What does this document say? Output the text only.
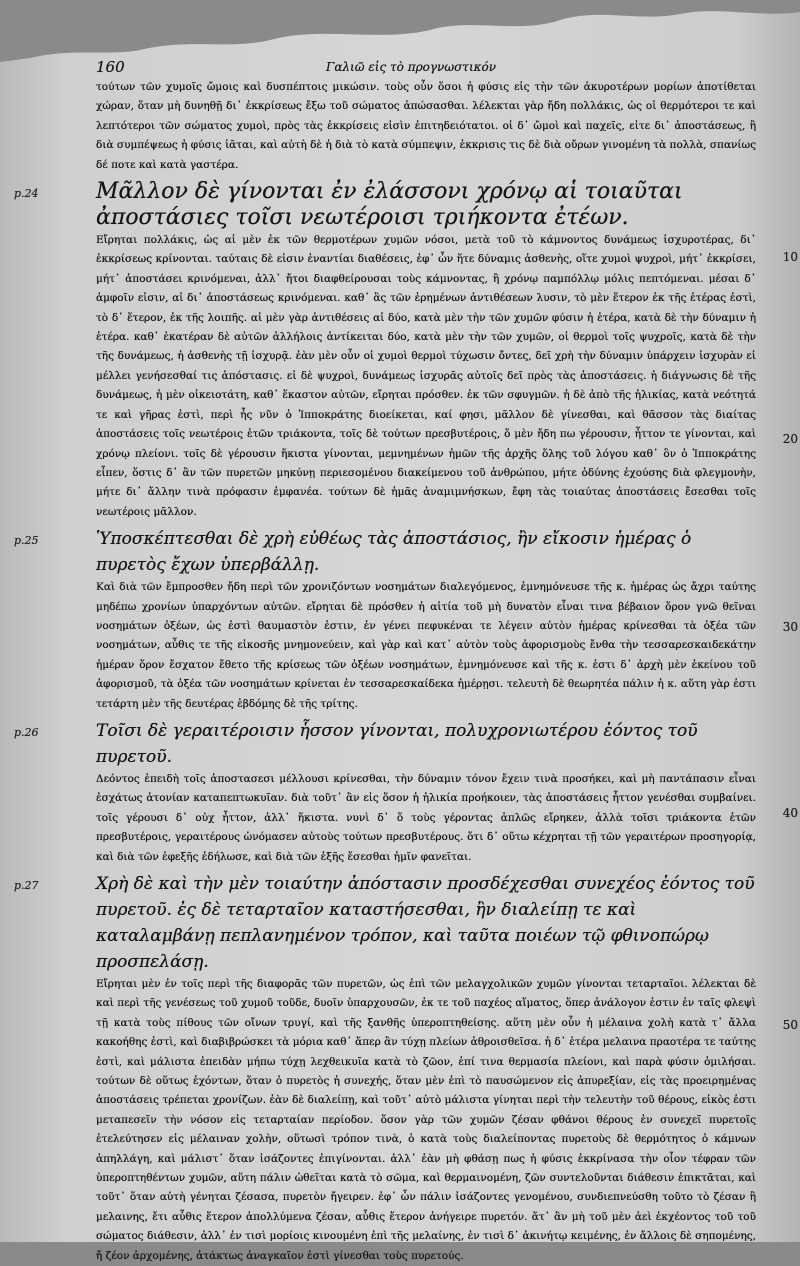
160	Γαλιῶ εἰς τὸ προγνωστικόν

τούτων τῶν χυμοῖς ὤμοις καὶ δυσπέπτοις μικώσιν. τοὺς οὖν ὅσοι ἡ φύσις εἰς τὴν τῶν ἀκυροτέρων μορίων ἀποτίθεται χώραν, ὅταν μὴ δυνηθῇ δι᾽ ἐκκρίσεως ἔξω τοῦ σώματος ἀπώσασθαι. λέλεκται γὰρ ἤδη πολλάκις, ὡς οἱ θερμότεροι τε καὶ λεπτότεροι τῶν σώματος χυμοὶ, πρὸς τὰς ἐκκρίσεις εἰσὶν ἐπιτηδειότατοι. οἱ δ᾽ ὤμοὶ καὶ παχεῖς, εἰτε δι᾽ ἀποστάσεως, ἢ διὰ συμπέψεως ἡ φύσις ἰᾶται, καὶ αὐτὴ δὲ ἡ διὰ τὸ κατὰ σύμπεψιν, ἐκκρισις τις δὲ διὰ οὔρων γινομένη τὰ πολλὰ, σπανίως δέ ποτε καὶ κατὰ γαστέρα.

p.24	Μᾶλλον δὲ γίνονται ἐν ἐλάσσονι χρόνῳ αἱ τοιαῦται ἀποστάσιες τοῖσι νεωτέροισι τριήκοντα ἐτέων.

Εἴρηται πολλάκις, ὡς αἱ μὲν ἐκ τῶν θερμοτέρων χυμῶν νόσοι, μετὰ τοῦ τὸ κάμνοντος δυνάμεως ἰσχυροτέρας, δι᾽ ἐκκρίσεως κρίνονται. ταύταις δὲ εἰσιν ἐναντίαι διαθέσεις, ἐφ᾽ ὧν ἥτε δύναμις ἀσθενὴς, οἵτε χυμοὶ ψυχροὶ, μήτ᾽ ἐκκρίσει, μήτ᾽ ἀποστάσει κρινόμεναι, ἀλλ᾽ ἤτοι διαφθείρουσαι τοὺς κάμνοντας, ἢ χρόνῳ παμπόλλῳ μόλις πεπτόμεναι. μέσαι δ᾽ ἀμφοῖν εἰσιν, αἱ δι᾽ ἀποστάσεως κρινόμεναι. καθ᾽ ἃς τῶν ἐρημένων ἀντιθέσεων λυσιν, τὸ μὲν ἕτερον ἐκ τῆς ἑτέρας ἐστὶ, τὸ δ᾽ ἕτερον, ἐκ τῆς λοιπῆς. αἱ μὲν γὰρ ἀντιθέσεις αἱ δύο, κατὰ μὲν τὴν τῶν χυμῶν φύσιν ἡ ἑτέρα, κατὰ δὲ τὴν δύναμιν ἡ ἑτέρα. καθ᾽ ἑκατέραν δὲ αὐτῶν ἀλλήλοις ἀντίκειται δύο, κατὰ μὲν τὴν τῶν χυμῶν, οἱ θερμοὶ τοῖς ψυχροῖς, κατὰ δὲ τὴν τῆς δυνάμεως, ἡ ἀσθενὴς τῇ ἰσχυρᾷ. ἐὰν μὲν οὖν οἱ χυμοὶ θερμοὶ τύχωσιν ὄντες, δεῖ χρὴ τὴν δύναμιν ὑπάρχειν ἰσχυρὰν εἰ μέλλει γενήσεσθαί τις ἀπόστασις. εἰ δὲ ψυχροὶ, δυνάμεως ἰσχυρᾶς αὐτοῖς δεῖ πρὸς τὰς ἀποστάσεις. ἡ διάγνωσις δὲ τῆς δυνάμεως, ἡ μὲν οἰκειοτάτη, καθ᾽ ἕκαστον αὐτῶν, εἴρηται πρόσθεν. ἐκ τῶν σφυγμῶν. ἡ δὲ ἀπὸ τῆς ἡλικίας, κατὰ νεότητά τε καὶ γῆρας ἐστὶ, περὶ ἧς νῦν ὁ Ἱπποκράτης διοείκεται, καί φησι, μᾶλλον δὲ γίνεσθαι, καὶ θᾶσσον τὰς διαίτας ἀποστάσεις τοῖς νεωτέροις ἐτῶν τριάκοντα, τοῖς δὲ τούτων πρεσβυτέροις, ὅ μὲν ἤδη πω γέρουσιν, ἧττον τε γίνονται, καὶ χρόνῳ πλείονι. τοῖς δὲ γέρουσιν ἥκιστα γίνονται, μεμνημένων ἡμῶν τῆς ἀρχῆς ὅλης τοῦ λόγου καθ᾽ ὃν ὁ Ἱπποκράτης εἶπεν, ὅστις δ᾽ ἂν τῶν πυρετῶν μηκύνῃ περιεσομένου διακείμενου τοῦ ἀνθρώπου, μήτε ὀδύνης ἐχούσης διὰ φλεγμονὴν, μήτε δι᾽ ἄλλην τινὰ πρόφασιν ἐμφανέα. τούτων δὲ ἡμᾶς ἀναμιμνήσκων, ἔφη τὰς τοιαύτας ἀποστάσεις ἔσεσθαι τοῖς νεωτέροις μᾶλλον.

p.25	Ὑποσκέπτεσθαι δὲ χρὴ εὐθέως τὰς ἀποστάσιος, ἢν εἴκοσιν ἡμέρας ὁ πυρετὸς ἔχων ὑπερβάλλῃ.

Καὶ διὰ τῶν ἔμπροσθεν ἤδη περὶ τῶν χρονιζόντων νοσημάτων διαλεγόμενος, ἐμνημόνευσε τῆς κ. ἡμέρας ὡς ἄχρι ταύτης μηδέπω χρονίων ὑπαρχόντων αὐτῶν. εἴρηται δὲ πρόσθεν ἡ αἰτία τοῦ μὴ δυνατὸν εἶναι τινα βέβαιον ὅρον γνῶ θεῖναι νοσημάτων ὀξέων, ὡς ἐστὶ θαυμαστὸν ἐστιν, ἐν γένει πεφυκέναι τε λέγειν αὐτὸν ἡμέρας κρίνεσθαι τὰ ὀξέα τῶν νοσημάτων, αὖθις τε τῆς εἰκοσῆς μνημονεύειν, καὶ γὰρ καὶ κατ᾽ αὐτὸν τοὺς ἀφορισμοὺς ἔνθα τὴν τεσσαρεσκαιδεκάτην ἡμέραν ὅρον ἔσχατον ἔθετο τῆς κρίσεως τῶν ὀξέων νοσημάτων, ἐμνημόνευσε καὶ τῆς κ. ἐστι δ᾽ ἀρχὴ μὲν ἐκείνου τοῦ ἀφορισμοῦ, τὰ ὀξέα τῶν νοσημάτων κρίνεται ἐν τεσσαρεσκαίδεκα ἡμέρῃσι. τελευτὴ δὲ θεωρητέα πάλιν ἡ κ. αὕτη γὰρ ἐστι τετάρτη μὲν τῆς δευτέρας ἑβδόμης δὲ τῆς τρίτης.

p.26	Τοῖσι δὲ γεραιτέροισιν ἧσσον γίνονται, πολυχρονιωτέρου ἐόντος τοῦ πυρετοῦ.

Δεόντος ἐπειδὴ τοῖς ἀποστασεσι μέλλουσι κρίνεσθαι, τὴν δύναμιν τόνον ἔχειν τινὰ προσήκει, καὶ μὴ παντάπασιν εἶναι ἐσχάτως ἀτονίαν καταπεπτωκυῖαν. διὰ τοῦτ᾽ ἂν εἰς ὅσον ἡ ἡλικία προήκοιεν, τὰς ἀποστάσεις ἧττον γενέσθαι συμβαίνει. τοῖς γέρουσι δ᾽ οὐχ ἧττον, ἀλλ᾽ ἥκιστα. νυνὶ δ᾽ ὅ τοὺς γέροντας ἁπλῶς εἴρηκεν, ἀλλὰ τοῖσι τριάκοντα ἐτῶν πρεσβυτέροις, γεραιτέρους ὠνόμασεν αὐτοὺς τούτων πρεσβυτέρους. ὅτι δ᾽ οὕτω κέχρηται τῇ τῶν γεραιτέρων προσηγορίᾳ, καὶ διὰ τῶν ἐφεξῆς ἐδήλωσε, καὶ διὰ τῶν ἑξῆς ἔσεσθαι ἡμῖν φανεῖται.

p.27	Χρὴ δὲ καὶ τὴν μὲν τοιαύτην ἀπόστασιν προσδέχεσθαι συνεχέος ἐόντος τοῦ πυρετοῦ. ἐς δὲ τεταρταῖον καταστήσεσθαι, ἢν διαλείπῃ τε καὶ καταλαμβάνῃ πεπλανημένον τρόπον, καὶ ταῦτα ποιέων τῷ φθινοπώρῳ προσπελάσῃ.

Εἴρηται μὲν ἐν τοῖς περὶ τῆς διαφορᾶς τῶν πυρετῶν, ὡς ἐπὶ τῶν μελαγχολικῶν χυμῶν γίνονται τεταρταῖοι. λέλεκται δὲ καὶ περὶ τῆς γενέσεως τοῦ χυμοῦ τοῦδε, δυοῖν ὑπαρχουσῶν, ἐκ τε τοῦ παχέος αἵματος, ὅπερ ἀνάλογον ἐστιν ἐν ταῖς φλεψὶ τῇ κατὰ τοὺς πίθους τῶν οἴνων τρυγί, καὶ τῆς ξανθῆς ὑπεροπτηθείσης. αὕτη μὲν οὖν ἡ μέλαινα χολὴ κατὰ τ᾽ ἄλλα κακοήθης ἐστὶ, καὶ διαβιβρώσκει τὰ μόρια καθ᾽ ἅπερ ἂν τύχῃ πλείων ἀθροισθεῖσα. ἡ δ᾽ ἑτέρα μελαινα πραοτέρα τε ταύτης ἐστὶ, καὶ μάλιστα ἐπειδὰν μήπω τύχῃ λεχθεικυῖα κατὰ τὸ ζῶον, ἐπί τινα θερμασία πλείονι, καὶ παρὰ φύσιν ὁμιλήσαι. τούτων δὲ οὕτως ἐχόντων, ὅταν ὁ πυρετὸς ἡ συνεχής, ὅταν μὲν ἐπὶ τὸ παυσώμενον εἰς ἀπυρεξίαν, εἰς τὰς προειρημένας ἀποστάσεις τρέπεται χρονίζων. ἐὰν δὲ διαλείπῃ, καὶ τοῦτ᾽ αὐτὸ μάλιστα γίνηται περὶ τὴν τελευτὴν τοῦ θέρους, εἰκὸς ἐστι μεταπεσεῖν τὴν νόσον εἰς τεταρταίαν περίοδον. ὅσον γὰρ τῶν χυμῶν ζέσαν φθάνοι θέρους ἐν συνεχεῖ πυρετοῖς ἐτελεύτησεν εἰς μέλαιναν χολὴν, οὕτωσὶ τρόπον τινὰ, ὁ κατὰ τοὺς διαλείποντας πυρετοὺς δὲ θερμότητος ὁ κάμνων ἀπηλλάγη, καὶ μάλιστ᾽ ὅταν ἰσάζοντες ἐπιγίνονται. ἀλλ᾽ ἐὰν μὴ φθάσῃ πως ἡ φύσις ἐκκρίνασα τὴν οἷον τέφραν τῶν ὑπεροπτηθέντων χυμῶν, αὕτη πάλιν ὠθεῖται κατὰ τὸ σῶμα, καὶ θερμαινομένη, ζῶν συντελοῦνται διάθεσιν ἐπικτᾶται, καὶ τοῦτ᾽ ὅταν αὐτὴ γένηται ζέσασα, πυρετὸν ἤγειρεν. ἐφ᾽ ὧν πάλιν ἰσάζοντες γενομένου, συνδιεπνεύσθη τοῦτο τὸ ζέσαν ἢ μελαινης, ἔτι αὖθις ἕτερον ἀπολλύμενα ζέσαν, αὖθις ἕτερον ἀνήγειρε πυρετόν. ἅτ᾽ ἂν μὴ τοῦ μὲν ἀεὶ ἐκχέοντος τοῦ τοῦ σώματος διάθεσιν, ἀλλ᾽ ἐν τισὶ μορίοις κινουμένη ἐπὶ τῆς μελαίνης, ἐν τισὶ δ᾽ ἀκινήτῳ κειμένης, ἐν ἄλλοις δὲ σηπομένης, ἤ ζέον ἀρχομένης, ἀτάκτως ἀναγκαῖον ἐστὶ γίνεσθαι τοὺς πυρετούς.

10
20
30
40
50
